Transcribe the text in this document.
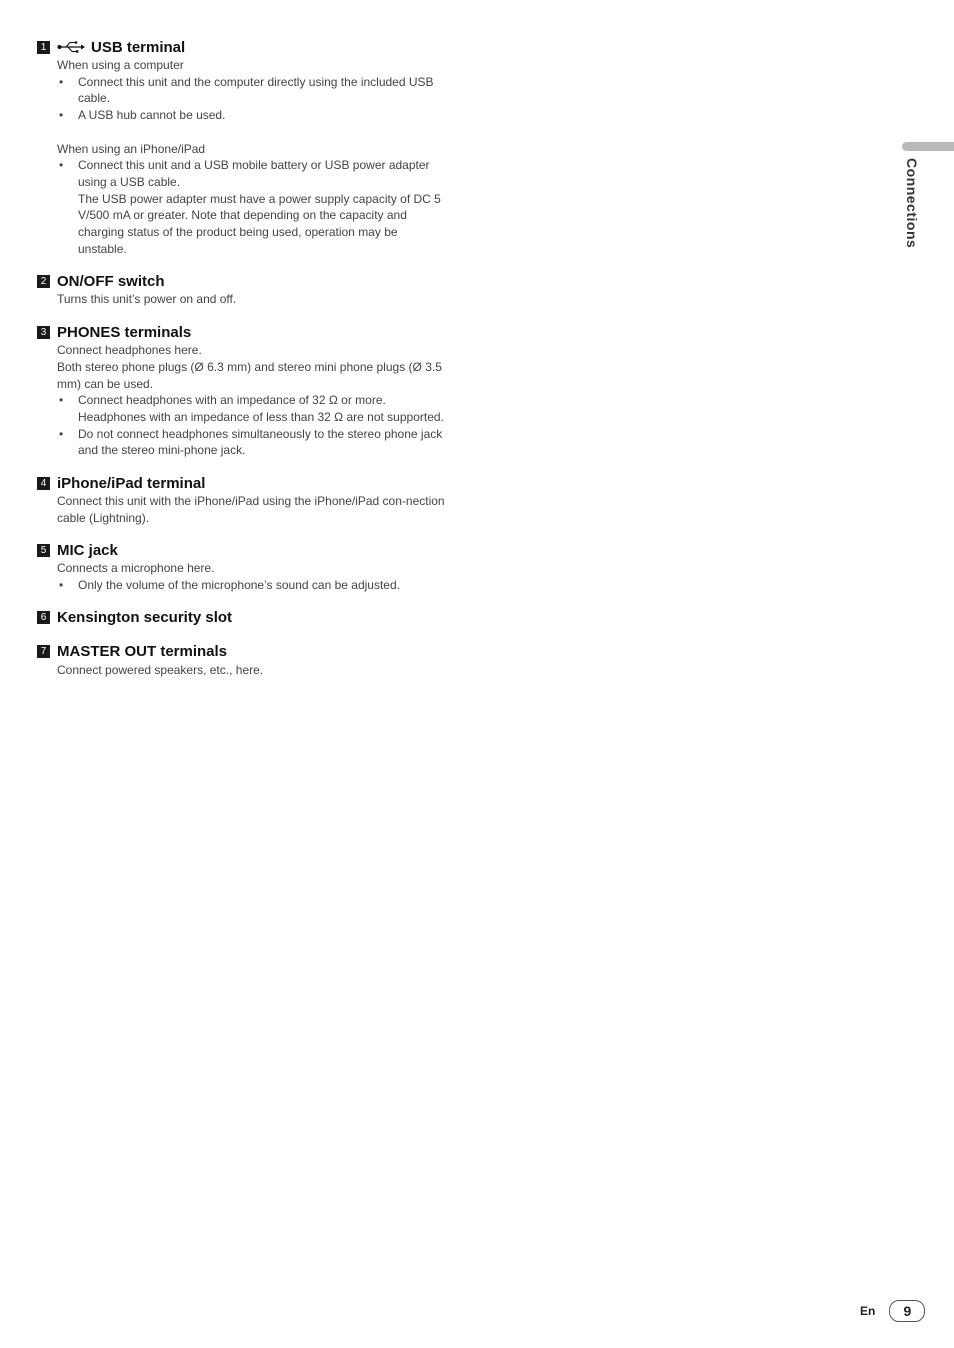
1	USB terminal

When using a computer

• Connect this unit and the computer directly using the included USB cable.
• A USB hub cannot be used.

When using an iPhone/iPad

• Connect this unit and a USB mobile battery or USB power adapter using a USB cable.
The USB power adapter must have a power supply capacity of DC 5 V/500 mA or greater. Note that depending on the capacity and charging status of the product being used, operation may be unstable.
2 ON/OFF switch

Turns this unit’s power on and off.

3 PHONES terminals

Connect headphones here.

Both stereo phone plugs (Ø 6.3 mm) and stereo mini phone plugs (Ø 3.5 mm) can be used.

• Connect headphones with an impedance of 32 Ω or more.
Headphones with an impedance of less than 32 Ω are not supported.
• Do not connect headphones simultaneously to the stereo phone jack and the stereo mini-phone jack.
4 iPhone/iPad terminal

Connect this unit with the iPhone/iPad using the iPhone/iPad con-nection cable (Lightning).

5 MIC jack

Connects a microphone here.

• Only the volume of the microphone’s sound can be adjusted.
6 Kensington security slot
7 MASTER OUT terminals

Connect powered speakers, etc., here.

Connections
En	9
